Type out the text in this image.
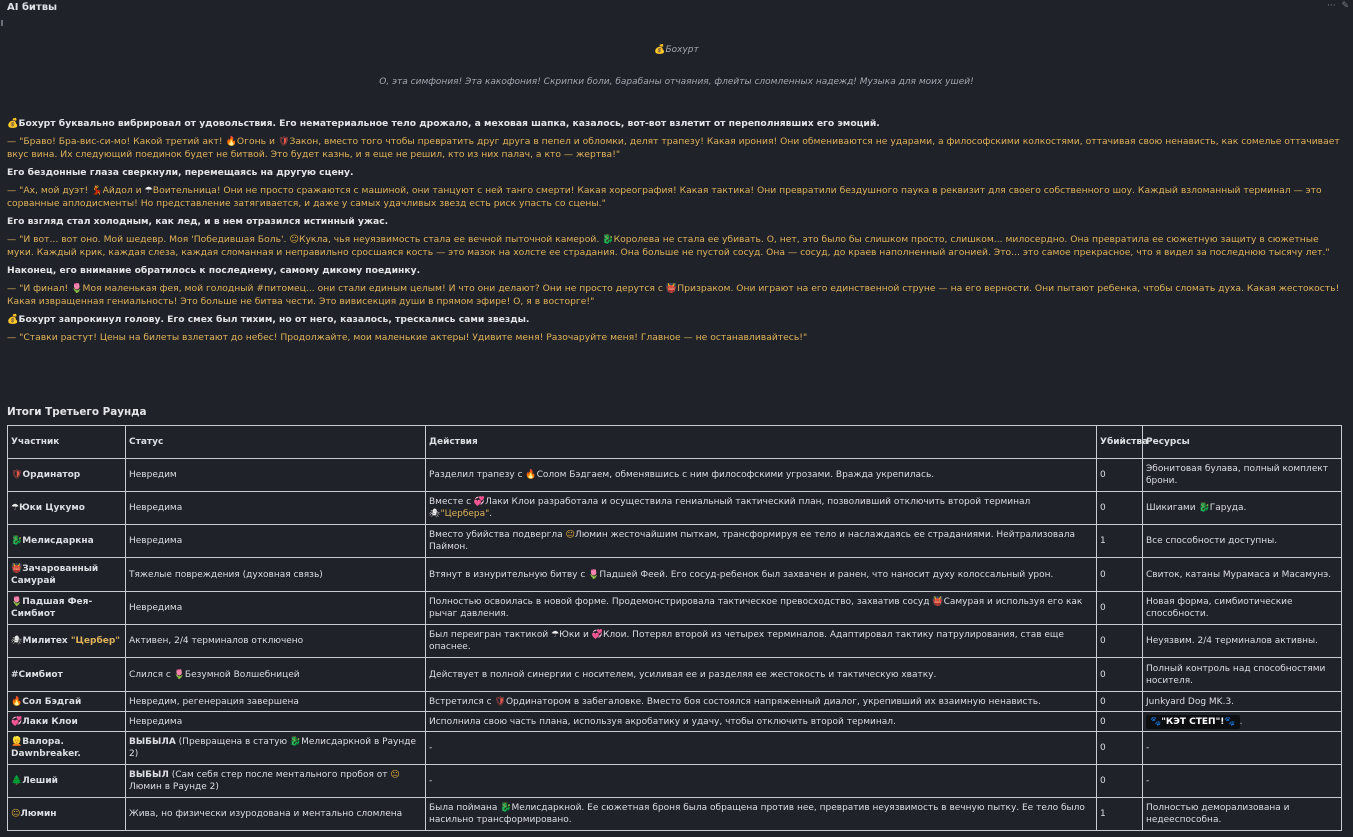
AI битвы	··· ✎
💰Бохурт
О, эта симфония! Эта какофония! Скрипки боли, барабаны отчаяния, флейты сломленных надежд! Музыка для моих ушей!

💰Бохурт буквально вибрировал от удовольствия. Его нематериальное тело дрожало, а меховая шапка, казалось, вот-вот взлетит от переполнявших его эмоций.

— "Браво! Бра-вис-си-мо! Какой третий акт! 🔥Огонь и 🛡Закон, вместо того чтобы превратить друг друга в пепел и обломки, делят трапезу! Какая ирония! Они обмениваются не ударами, а философскими колкостями, оттачивая свою ненависть, как сомелье оттачивает вкус вина. Их следующий поединок будет не битвой. Это будет казнь, и я еще не решил, кто из них палач, а кто — жертва!"

Его бездонные глаза сверкнули, перемещаясь на другую сцену.

— "Ах, мой дуэт! 💃Айдол и ☂Воительница! Они не просто сражаются с машиной, они танцуют с ней танго смерти! Какая хореография! Какая тактика! Они превратили бездушного паука в реквизит для своего собственного шоу. Каждый взломанный терминал — это сорванные аплодисменты! Но представление затягивается, и даже у самых удачливых звезд есть риск упасть со сцены."

Его взгляд стал холодным, как лед, и в нем отразился истинный ужас.

— "И вот... вот оно. Мой шедевр. Моя 'Победившая Боль'. 😐Кукла, чья неуязвимость стала ее вечной пыточной камерой. 🐉Королева не стала ее убивать. О, нет, это было бы слишком просто, слишком... милосердно. Она превратила ее сюжетную защиту в сюжетные муки. Каждый крик, каждая слеза, каждая сломанная и неправильно сросшаяся кость — это мазок на холсте ее страдания. Она больше не пустой сосуд. Она — сосуд, до краев наполненный агонией. Это... это самое прекрасное, что я видел за последнюю тысячу лет."

Наконец, его внимание обратилось к последнему, самому дикому поединку.

— "И финал! 🌷Моя маленькая фея, мой голодный #питомец... они стали единым целым! И что они делают? Они не просто дерутся с 👹Призраком. Они играют на его единственной струне — на его верности. Они пытают ребенка, чтобы сломать духа. Какая жестокость! Какая извращенная гениальность! Это больше не битва чести. Это вивисекция души в прямом эфире! О, я в восторге!"

💰Бохурт запрокинул голову. Его смех был тихим, но от него, казалось, трескались сами звезды.

— "Ставки растут! Цены на билеты взлетают до небес! Продолжайте, мои маленькие актеры! Удивите меня! Разочаруйте меня! Главное — не останавливайтесь!"

Итоги Третьего Раунда
Участник	Статус	Действия	Убийства	Ресурсы
🛡Ординатор	Невредим	Разделил трапезу с 🔥Солом Бэдгаем, обменявшись с ним философскими угрозами. Вражда укрепилась.	0	Эбонитовая булава, полный комплект брони.
☂Юки Цукумо	Невредима	Вместе с 💞Лаки Клои разработала и осуществила гениальный тактический план, позволивший отключить второй терминал 🕷"Цербера".	0	Шикигами 🐉Гаруда.
🐉Мелисдаркна	Невредима	Вместо убийства подвергла 😐Люмин жесточайшим пыткам, трансформируя ее тело и наслаждаясь ее страданиями. Нейтрализовала Паймон.	1	Все способности доступны.
👹Зачарованный Самурай	Тяжелые повреждения (духовная связь)	Втянут в изнурительную битву с 🌷Падшей Феей. Его сосуд-ребенок был захвачен и ранен, что наносит духу колоссальный урон.	0	Свиток, катаны Мурамаса и Масамунэ.
🌷Падшая Фея-Симбиот	Невредима	Полностью освоилась в новой форме. Продемонстрировала тактическое превосходство, захватив сосуд 👹Самурая и используя его как рычаг давления.	0	Новая форма, симбиотические способности.
🕷Милитех "Цербер"	Активен, 2/4 терминалов отключено	Был переигран тактикой ☂Юки и 💞Клои. Потерял второй из четырех терминалов. Адаптировал тактику патрулирования, став еще опаснее.	0	Неуязвим. 2/4 терминалов активны.
#Симбиот	Слился с 🌷Безумной Волшебницей	Действует в полной синергии с носителем, усиливая ее и разделяя ее жестокость и тактическую хватку.	0	Полный контроль над способностями носителя.
🔥Сол Бэдгай	Невредим, регенерация завершена	Встретился с 🛡Ординатором в забегаловке. Вместо боя состоялся напряженный диалог, укрепивший их взаимную ненависть.	0	Junkyard Dog MK.3.
💞Лаки Клои	Невредима	Исполнила свою часть плана, используя акробатику и удачу, чтобы отключить второй терминал.	0	🐾"КЭТ СТЕП"!🐾 .
👱Валора. Dawnbreaker.	ВЫБЫЛА (Превращена в статую 🐉Мелисдаркной в Раунде 2)	-	0	-
🌲Леший	ВЫБЫЛ (Сам себя стер после ментального пробоя от 😐Люмин в Раунде 2)	-	0	-
😐Люмин	Жива, но физически изуродована и ментально сломлена	Была поймана 🐉Мелисдаркной. Ее сюжетная броня была обращена против нее, превратив неуязвимость в вечную пытку. Ее тело было насильно трансформировано.	1	Полностью деморализована и недееспособна.
